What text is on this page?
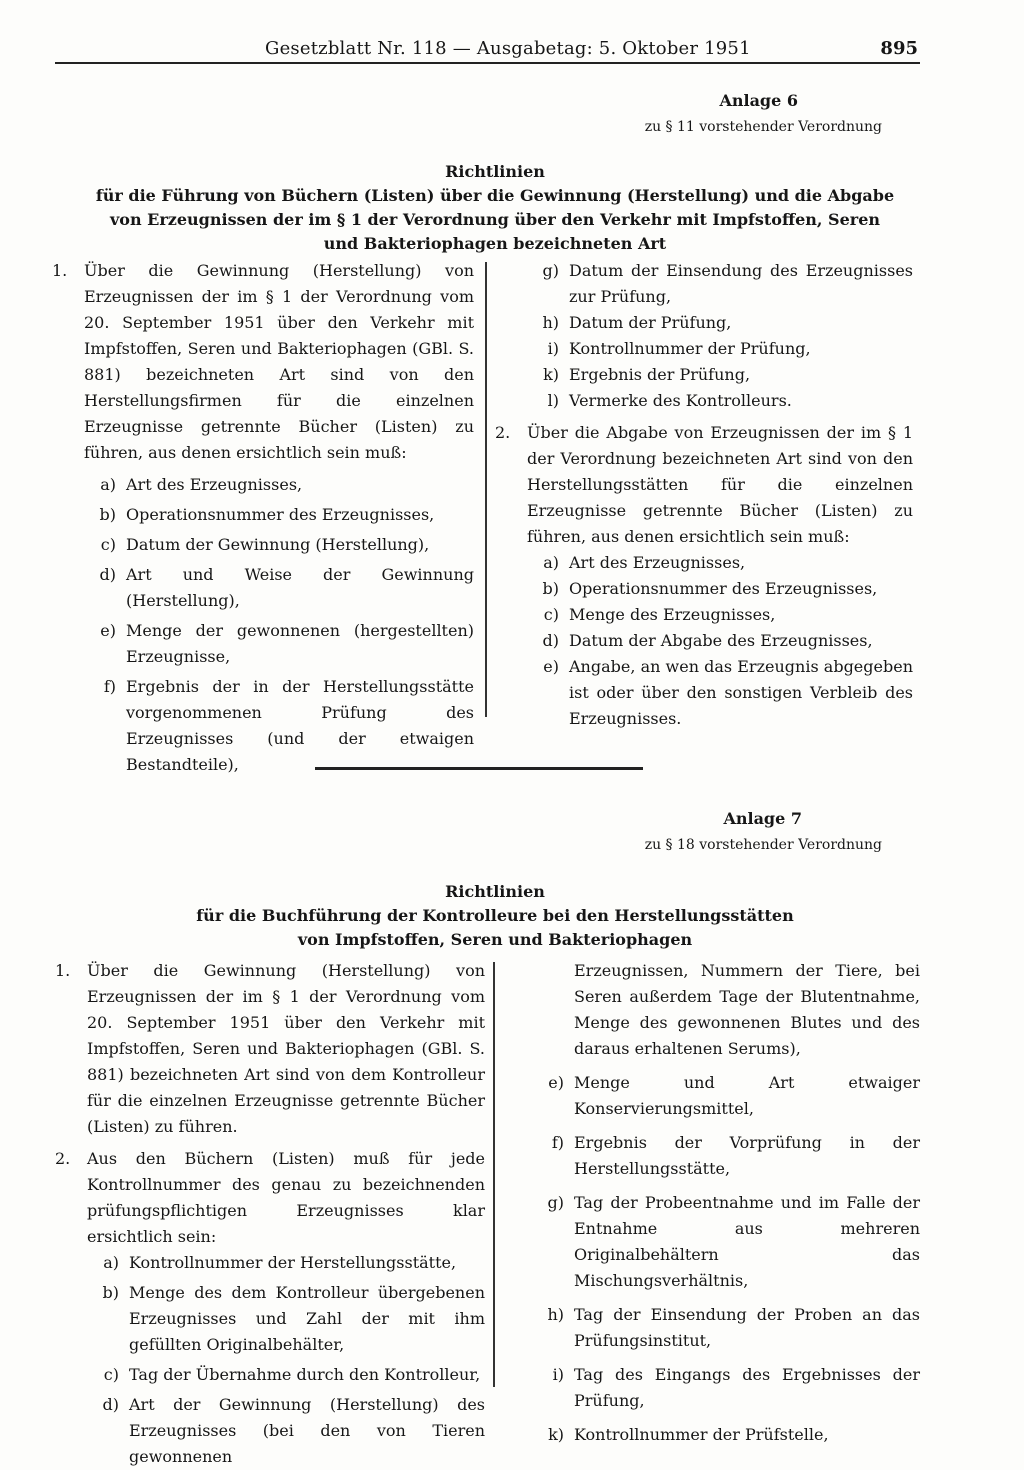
Gesetzblatt Nr. 118 — Ausgabetag: 5. Oktober 1951	895
Anlage 6
zu § 11 vorstehender Verordnung
Richtlinien
für die Führung von Büchern (Listen) über die Gewinnung (Herstellung) und die Abgabe
von Erzeugnissen der im § 1 der Verordnung über den Verkehr mit Impfstoffen, Seren
und Bakteriophagen bezeichneten Art
1. Über die Gewinnung (Herstellung) von Erzeugnissen der im § 1 der Verordnung vom 20. September 1951 über den Verkehr mit Impfstoffen, Seren und Bakteriophagen (GBl. S. 881) bezeichneten Art sind von den Herstellungsfirmen für die einzelnen Erzeugnisse getrennte Bücher (Listen) zu führen, aus denen ersichtlich sein muß:

a) Art des Erzeugnisses,

b) Operationsnummer des Erzeugnisses,

c) Datum der Gewinnung (Herstellung),

d) Art und Weise der Gewinnung (Herstellung),

e) Menge der gewonnenen (hergestellten) Erzeugnisse,

f) Ergebnis der in der Herstellungsstätte vorgenommenen Prüfung des Erzeugnisses (und der etwaigen Bestandteile),

g) Datum der Einsendung des Erzeugnisses zur Prüfung,

h) Datum der Prüfung,

i) Kontrollnummer der Prüfung,

k) Ergebnis der Prüfung,

l) Vermerke des Kontrolleurs.

2. Über die Abgabe von Erzeugnissen der im § 1 der Verordnung bezeichneten Art sind von den Herstellungsstätten für die einzelnen Erzeugnisse getrennte Bücher (Listen) zu führen, aus denen ersichtlich sein muß:

a) Art des Erzeugnisses,

b) Operationsnummer des Erzeugnisses,

c) Menge des Erzeugnisses,

d) Datum der Abgabe des Erzeugnisses,

e) Angabe, an wen das Erzeugnis abgegeben ist oder über den sonstigen Verbleib des Erzeugnisses.

Anlage 7
zu § 18 vorstehender Verordnung
Richtlinien
für die Buchführung der Kontrolleure bei den Herstellungsstätten
von Impfstoffen, Seren und Bakteriophagen
1. Über die Gewinnung (Herstellung) von Erzeugnissen der im § 1 der Verordnung vom 20. September 1951 über den Verkehr mit Impfstoffen, Seren und Bakteriophagen (GBl. S. 881) bezeichneten Art sind von dem Kontrolleur für die einzelnen Erzeugnisse getrennte Bücher (Listen) zu führen.

2. Aus den Büchern (Listen) muß für jede Kontrollnummer des genau zu bezeichnenden prüfungspflichtigen Erzeugnisses klar ersichtlich sein:

a) Kontrollnummer der Herstellungsstätte,

b) Menge des dem Kontrolleur übergebenen Erzeugnisses und Zahl der mit ihm gefüllten Originalbehälter,

c) Tag der Übernahme durch den Kontrolleur,

d) Art der Gewinnung (Herstellung) des Erzeugnisses (bei den von Tieren gewonnenen

Erzeugnissen, Nummern der Tiere, bei Seren außerdem Tage der Blutentnahme, Menge des gewonnenen Blutes und des daraus erhaltenen Serums),

e) Menge und Art etwaiger Konservierungsmittel,

f) Ergebnis der Vorprüfung in der Herstellungsstätte,

g) Tag der Probeentnahme und im Falle der Entnahme aus mehreren Originalbehältern das Mischungsverhältnis,

h) Tag der Einsendung der Proben an das Prüfungsinstitut,

i) Tag des Eingangs des Ergebnisses der Prüfung,

k) Kontrollnummer der Prüfstelle,
